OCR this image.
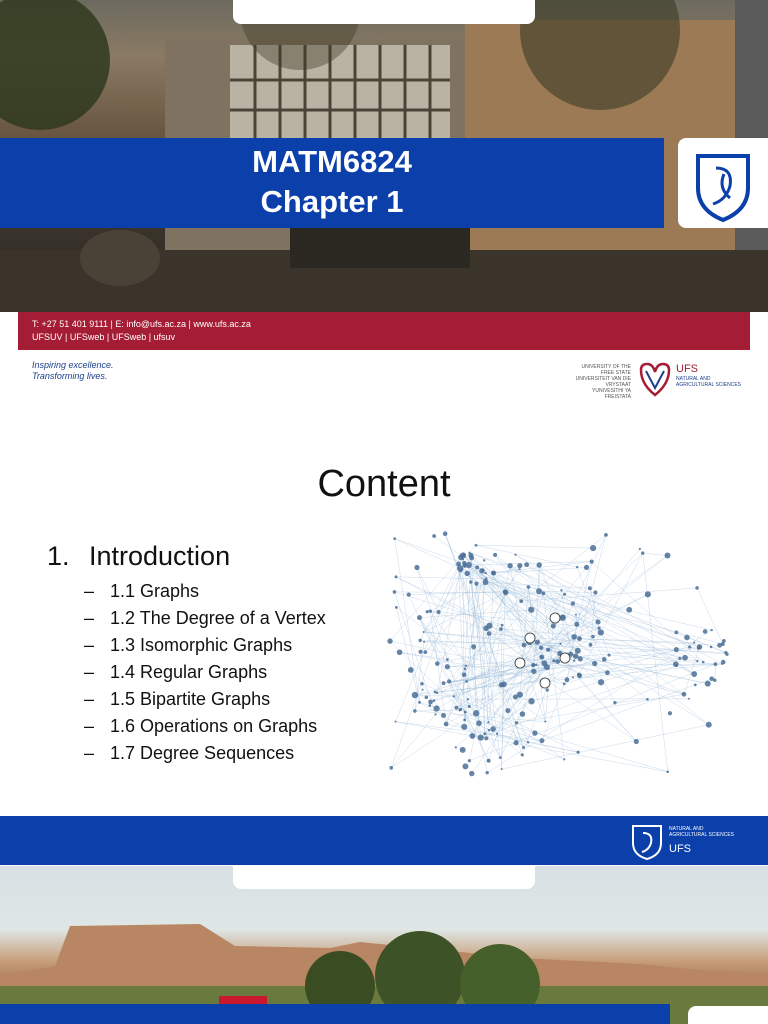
MATM6824
Chapter 1
T: +27 51 401 9111 | E: info@ufs.ac.za | www.ufs.ac.za
UFSUV | UFSweb | UFSweb | ufsuv
Inspiring excellence.
Transforming lives.
UNIVERSITY OF THE
FREE STATE
UNIVERSITEIT VAN DIE
VRYSTAAT
YUNIVESITHI YA
FREISTATA
UFS
NATURAL AND
AGRICULTURAL SCIENCES
Content
1. Introduction
– 1.1 Graphs
– 1.2 The Degree of a Vertex
– 1.3 Isomorphic Graphs
– 1.4 Regular Graphs
– 1.5 Bipartite Graphs
– 1.6 Operations on Graphs
– 1.7 Degree Sequences
NATURAL AND
AGRICULTURAL SCIENCES
UFS
